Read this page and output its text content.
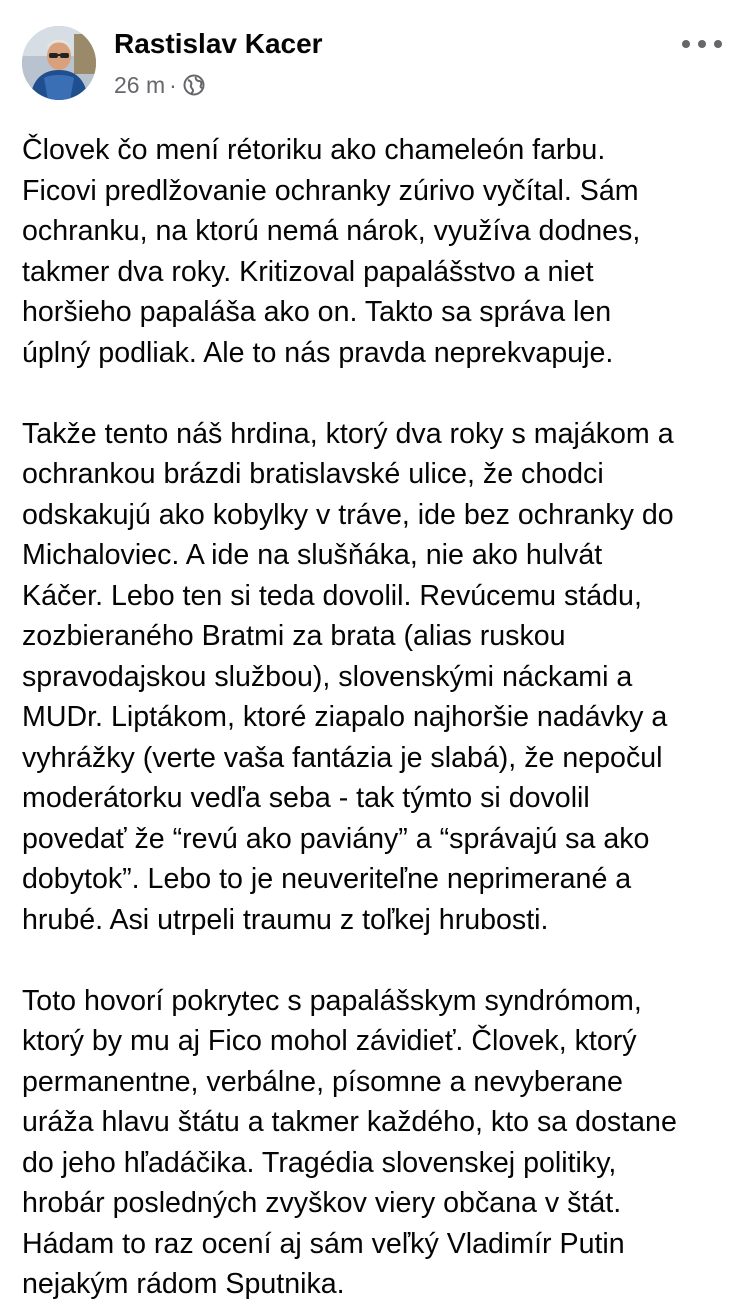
Rastislav Kacer
26 m ·
Človek čo mení rétoriku ako chameleón farbu.
Ficovi predlžovanie ochranky zúrivo vyčítal. Sám
ochranku, na ktorú nemá nárok, využíva dodnes,
takmer dva roky. Kritizoval papalášstvo a niet
horšieho papaláša ako on. Takto sa správa len
úplný podliak. Ale to nás pravda neprekvapuje.
Takže tento náš hrdina, ktorý dva roky s majákom a
ochrankou brázdi bratislavské ulice, že chodci
odskakujú ako kobylky v tráve, ide bez ochranky do
Michaloviec. A ide na slušňáka, nie ako hulvát
Káčer. Lebo ten si teda dovolil. Revúcemu stádu,
zozbieraného Bratmi za brata (alias ruskou
spravodajskou službou), slovenskými náckami a
MUDr. Liptákom, ktoré ziapalo najhoršie nadávky a
vyhrážky (verte vaša fantázia je slabá), že nepočul
moderátorku vedľa seba - tak týmto si dovolil
povedať že “revú ako paviány” a “správajú sa ako
dobytok”. Lebo to je neuveriteľne neprimerané a
hrubé. Asi utrpeli traumu z toľkej hrubosti.
Toto hovorí pokrytec s papalášskym syndrómom,
ktorý by mu aj Fico mohol závidieť. Človek, ktorý
permanentne, verbálne, písomne a nevyberane
uráža hlavu štátu a takmer každého, kto sa dostane
do jeho hľadáčika. Tragédia slovenskej politiky,
hrobár posledných zvyškov viery občana v štát.
Hádam to raz ocení aj sám veľký Vladimír Putin
nejakým rádom Sputnika.
